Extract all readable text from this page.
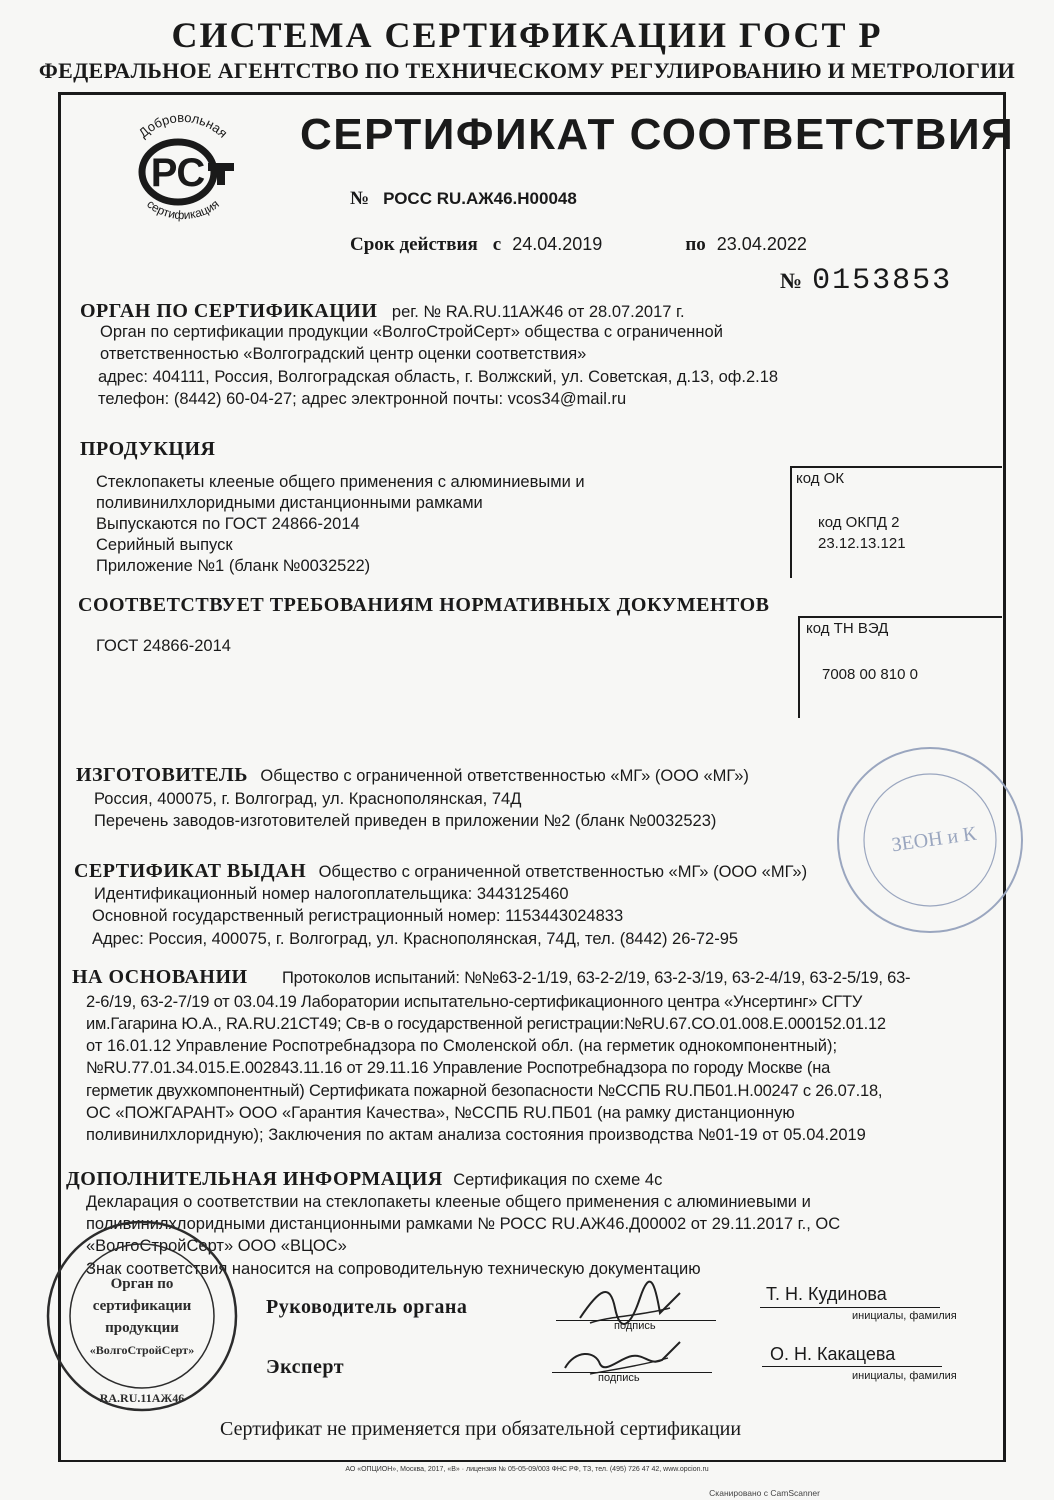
СИСТЕМА СЕРТИФИКАЦИИ ГОСТ Р
ФЕДЕРАЛЬНОЕ АГЕНТСТВО ПО ТЕХНИЧЕСКОМУ РЕГУЛИРОВАНИЮ И МЕТРОЛОГИИ
Добровольная
сертификация
РС
СЕРТИФИКАТ СООТВЕТСТВИЯ
№ РОСС RU.АЖ46.Н00048
Срок действия с 24.04.2019	по 23.04.2022
№ 0153853
ОРГАН ПО СЕРТИФИКАЦИИ рег. № RA.RU.11АЖ46 от 28.07.2017 г.
Орган по сертификации продукции «ВолгоСтройСерт» общества с ограниченной
ответственностью «Волгоградский центр оценки соответствия»
адрес: 404111, Россия, Волгоградская область, г. Волжский, ул. Советская, д.13, оф.2.18
телефон: (8442) 60-04-27; адрес электронной почты: vcos34@mail.ru
ПРОДУКЦИЯ
Стеклопакеты клееные общего применения с алюминиевыми и
поливинилхлоридными дистанционными рамками
Выпускаются по ГОСТ 24866-2014
Серийный выпуск
Приложение №1 (бланк №0032522)
код ОК
код ОКПД 2
23.12.13.121
СООТВЕТСТВУЕТ ТРЕБОВАНИЯМ НОРМАТИВНЫХ ДОКУМЕНТОВ
код ТН ВЭД
7008 00 810 0
ГОСТ 24866-2014
ИЗГОТОВИТЕЛЬ Общество с ограниченной ответственностью «МГ» (ООО «МГ»)
Россия, 400075, г. Волгоград, ул. Краснополянская, 74Д
Перечень заводов-изготовителей приведен в приложении №2 (бланк №0032523)
СЕРТИФИКАТ ВЫДАН Общество с ограниченной ответственностью «МГ» (ООО «МГ»)
Идентификационный номер налогоплательщика: 3443125460
Основной государственный регистрационный номер: 1153443024833
Адрес: Россия, 400075, г. Волгоград, ул. Краснополянская, 74Д, тел. (8442) 26-72-95
НА ОСНОВАНИИ Протоколов испытаний: №№63-2-1/19, 63-2-2/19, 63-2-3/19, 63-2-4/19, 63-2-5/19, 63-
2-6/19, 63-2-7/19 от 03.04.19 Лаборатории испытательно-сертификационного центра «Унсертинг» СГТУ
им.Гагарина Ю.А., RA.RU.21СТ49; Св-в о государственной регистрации:№RU.67.СО.01.008.Е.000152.01.12
от 16.01.12 Управление Роспотребнадзора по Смоленской обл. (на герметик однокомпонентный);
№RU.77.01.34.015.Е.002843.11.16 от 29.11.16 Управление Роспотребнадзора по городу Москве (на
герметик двухкомпонентный) Сертификата пожарной безопасности №ССПБ RU.ПБ01.Н.00247 с 26.07.18,
ОС «ПОЖГАРАНТ» ООО «Гарантия Качества», №ССПБ RU.ПБ01 (на рамку дистанционную
поливинилхлоридную); Заключения по актам анализа состояния производства №01-19 от 05.04.2019
ДОПОЛНИТЕЛЬНАЯ ИНФОРМАЦИЯ Сертификация по схеме 4с
Декларация о соответствии на стеклопакеты клееные общего применения с алюминиевыми и
поливинилхлоридными дистанционными рамками № РОСС RU.АЖ46.Д00002 от 29.11.2017 г., ОС
«ВолгоСтройСерт» ООО «ВЦОС»
Знак соответствия наносится на сопроводительную техническую документацию
Руководитель органа
подпись
Т. Н. Кудинова
инициалы, фамилия
Эксперт	подпись
О. Н. Какацева
инициалы, фамилия
Орган по
сертификации
продукции
«ВолгоСтройСерт»
RA.RU.11АЖ46
ЗЕОН и К
Сертификат не применяется при обязательной сертификации
АО «ОПЦИОН», Москва, 2017, «В» · лицензия № 05-05-09/003 ФНС РФ, ТЗ, тел. (495) 726 47 42, www.opcion.ru
Сканировано с CamScanner
